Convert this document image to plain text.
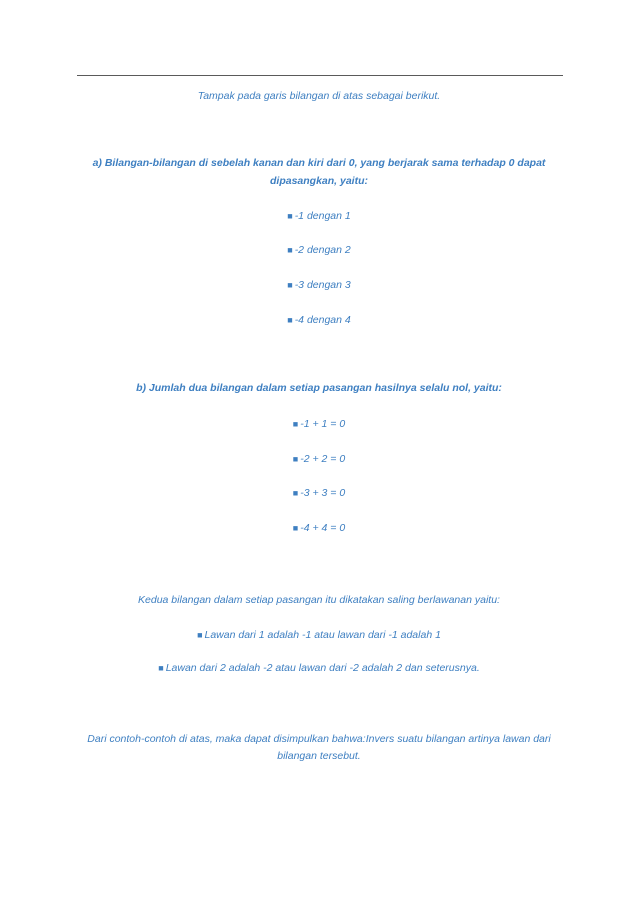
Tampak pada garis bilangan di atas sebagai berikut.
a) Bilangan-bilangan di sebelah kanan dan kiri dari 0, yang berjarak sama terhadap 0 dapat
dipasangkan, yaitu:
■ -1 dengan 1
■ -2 dengan 2
■ -3 dengan 3
■ -4 dengan 4
b) Jumlah dua bilangan dalam setiap pasangan hasilnya selalu nol, yaitu:
■ -1 + 1 = 0
■ -2 + 2 = 0
■ -3 + 3 = 0
■ -4 + 4 = 0
Kedua bilangan dalam setiap pasangan itu dikatakan saling berlawanan yaitu:
■ Lawan dari 1 adalah -1 atau lawan dari -1 adalah 1
■ Lawan dari 2 adalah -2 atau lawan dari -2 adalah 2 dan seterusnya.
Dari contoh-contoh di atas, maka dapat disimpulkan bahwa:Invers suatu bilangan artinya lawan dari
bilangan tersebut.
